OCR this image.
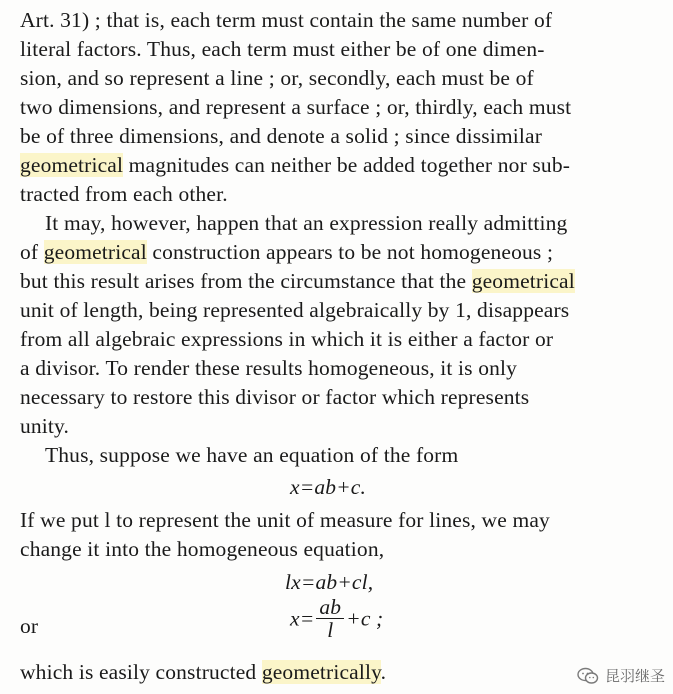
Art. 31) ; that is, each term must contain the same number of
literal factors. Thus, each term must either be of one dimen-
sion, and so represent a line ; or, secondly, each must be of
two dimensions, and represent a surface ; or, thirdly, each must
be of three dimensions, and denote a solid ; since dissimilar
geometrical magnitudes can neither be added together nor sub-
tracted from each other.
It may, however, happen that an expression really admitting
of geometrical construction appears to be not homogeneous ;
but this result arises from the circumstance that the geometrical
unit of length, being represented algebraically by 1, disappears
from all algebraic expressions in which it is either a factor or
a divisor. To render these results homogeneous, it is only
necessary to restore this divisor or factor which represents
unity.
Thus, suppose we have an equation of the form
x=ab+c.
If we put l to represent the unit of measure for lines, we may
change it into the homogeneous equation,
lx=ab+cl,
or	$x= \frac{ab}{l} +c$ ;
which is easily constructed geometrically.	昆羽继圣
